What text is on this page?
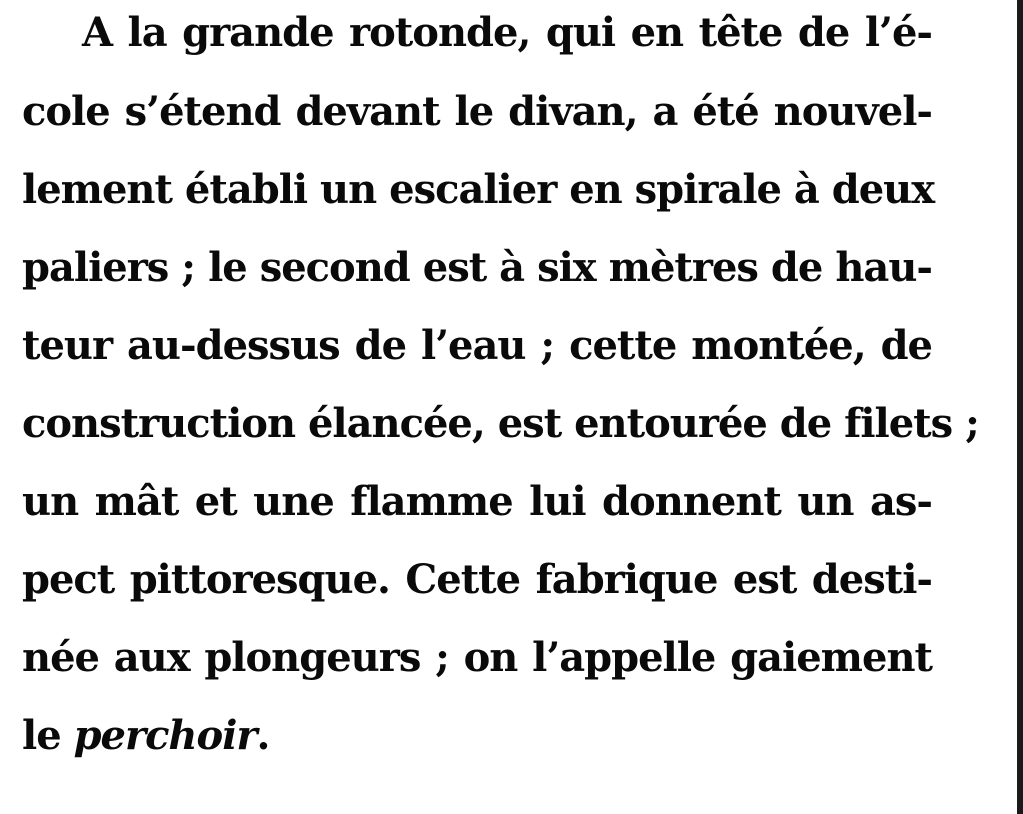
A la grande rotonde, qui en tête de l’é-
cole s’étend devant le divan, a été nouvel-
lement établi un escalier en spirale à deux
paliers ; le second est à six mètres de hau-
teur au-dessus de l’eau ; cette montée, de
construction élancée, est entourée de filets ;
un mât et une flamme lui donnent un as-
pect pittoresque. Cette fabrique est desti-
née aux plongeurs ; on l’appelle gaiement
le perchoir.
